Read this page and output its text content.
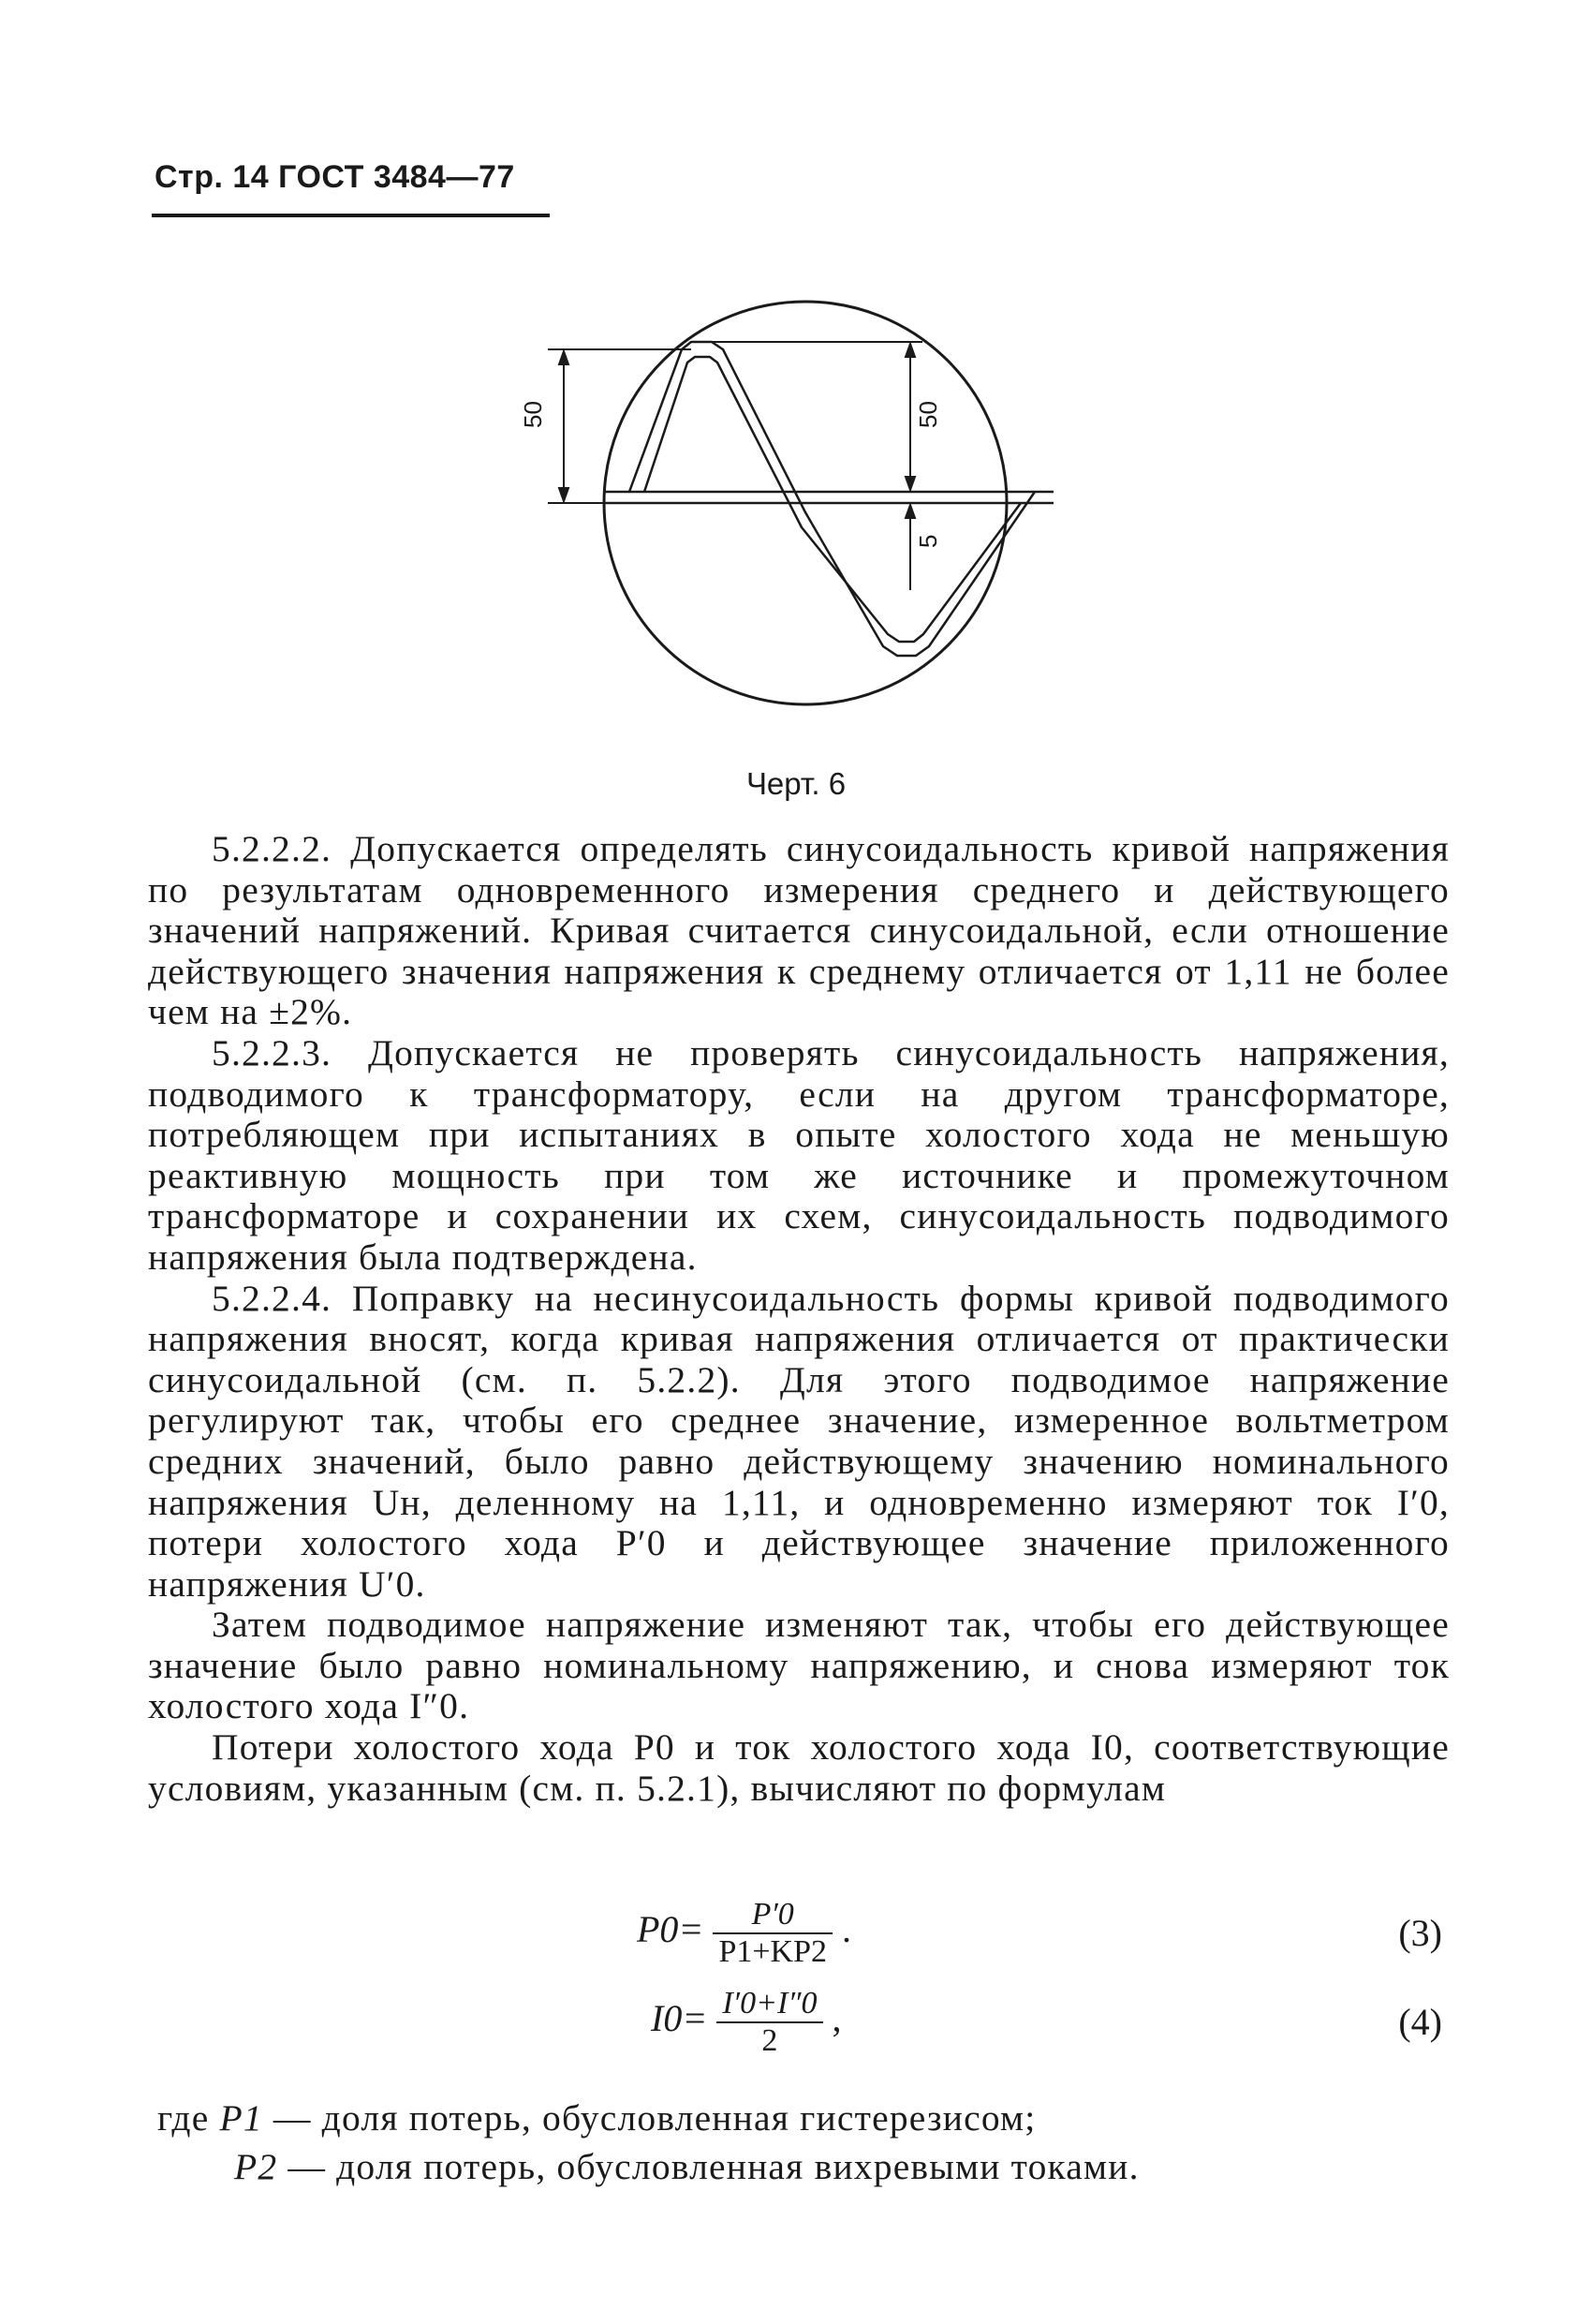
Стр. 14 ГОСТ 3484—77
50	50
5
Черт. 6

5.2.2.2. Допускается определять синусоидальность кривой напряжения по результатам одновременного измерения среднего и действующего значений напряжений. Кривая считается синусоидальной, если отношение действующего значения напряжения к среднему отличается от 1,11 не более чем на ±2%.

5.2.2.3. Допускается не проверять синусоидальность напряжения, подводимого к трансформатору, если на другом трансформаторе, потребляющем при испытаниях в опыте холостого хода не меньшую реактивную мощность при том же источнике и промежуточном трансформаторе и сохранении их схем, синусоидальность подводимого напряжения была подтверждена.

5.2.2.4. Поправку на несинусоидальность формы кривой подводимого напряжения вносят, когда кривая напряжения отличается от практически синусоидальной (см. п. 5.2.2). Для этого подводимое напряжение регулируют так, чтобы его среднее значение, измеренное вольтметром средних значений, было равно действующему значению номинального напряжения Uн, деленному на 1,11, и одновременно измеряют ток I′0, потери холостого хода P′0 и действующее значение приложенного напряжения U′0.

Затем подводимое напряжение изменяют так, чтобы его действующее значение было равно номинальному напряжению, и снова измеряют ток холостого хода I″0.

Потери холостого хода P0 и ток холостого хода I0, соответствующие условиям, указанным (см. п. 5.2.1), вычисляют по формулам

$P0= \frac{P'0}{P1+KP2}$ .	(3)
$I0= \frac{I'0+I''0}{2}$ ,	(4)
где P1 — доля потерь, обусловленная гистерезисом;
P2 — доля потерь, обусловленная вихревыми токами.
